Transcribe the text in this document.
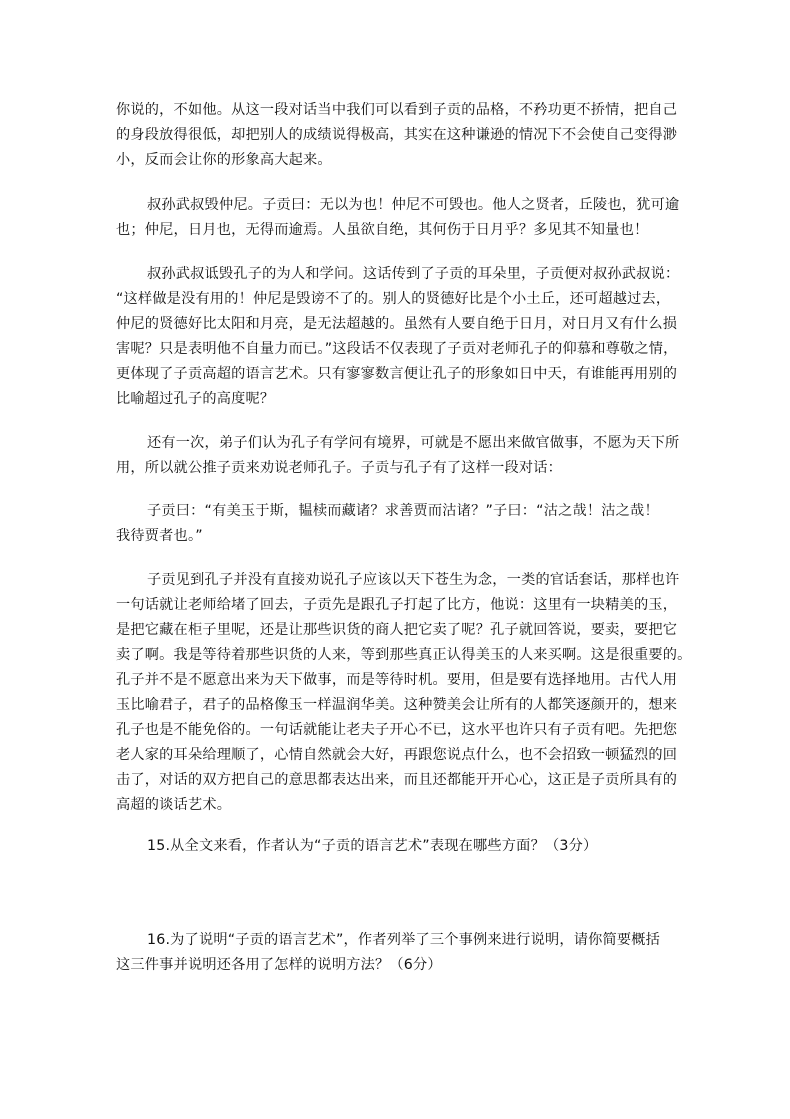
你说的，不如他。从这一段对话当中我们可以看到子贡的品格，不矜功更不挢情，把自己
的身段放得很低，却把别人的成绩说得极高，其实在这种谦逊的情况下不会使自己变得渺
小，反而会让你的形象高大起来。
叔孙武叔毁仲尼。子贡曰：无以为也！仲尼不可毁也。他人之贤者，丘陵也，犹可逾
也；仲尼，日月也，无得而逾焉。人虽欲自绝，其何伤于日月乎？多见其不知量也！
叔孙武叔诋毁孔子的为人和学问。这话传到了子贡的耳朵里，子贡便对叔孙武叔说：
“这样做是没有用的！仲尼是毁谤不了的。别人的贤德好比是个小土丘，还可超越过去，
仲尼的贤德好比太阳和月亮，是无法超越的。虽然有人要自绝于日月，对日月又有什么损
害呢？只是表明他不自量力而已。”这段话不仅表现了子贡对老师孔子的仰慕和尊敬之情，
更体现了子贡高超的语言艺术。只有寥寥数言便让孔子的形象如日中天，有谁能再用别的
比喻超过孔子的高度呢？
还有一次，弟子们认为孔子有学问有境界，可就是不愿出来做官做事，不愿为天下所
用，所以就公推子贡来劝说老师孔子。子贡与孔子有了这样一段对话：
子贡曰：“有美玉于斯，韫椟而藏诸？求善贾而沽诸？”子曰：“沽之哉！沽之哉！
我待贾者也。”
子贡见到孔子并没有直接劝说孔子应该以天下苍生为念，一类的官话套话，那样也许
一句话就让老师给堵了回去，子贡先是跟孔子打起了比方，他说：这里有一块精美的玉，
是把它藏在柜子里呢，还是让那些识货的商人把它卖了呢？孔子就回答说，要卖，要把它
卖了啊。我是等待着那些识货的人来，等到那些真正认得美玉的人来买啊。这是很重要的。
孔子并不是不愿意出来为天下做事，而是等待时机。要用，但是要有选择地用。古代人用
玉比喻君子，君子的品格像玉一样温润华美。这种赞美会让所有的人都笑逐颜开的，想来
孔子也是不能免俗的。一句话就能让老夫子开心不已，这水平也许只有子贡有吧。先把您
老人家的耳朵给理顺了，心情自然就会大好，再跟您说点什么，也不会招致一顿猛烈的回
击了，对话的双方把自己的意思都表达出来，而且还都能开开心心，这正是子贡所具有的
高超的谈话艺术。
15.从全文来看，作者认为“子贡的语言艺术”表现在哪些方面？（3分）
16.为了说明“子贡的语言艺术”，作者列举了三个事例来进行说明，请你简要概括
这三件事并说明还各用了怎样的说明方法？（6分）
